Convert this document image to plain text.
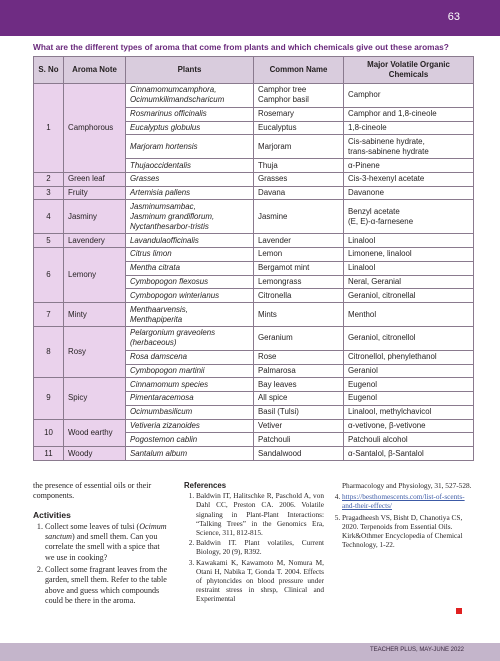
63
What are the different types of aroma that come from plants and which chemicals give out these aromas?
S. No	Aroma Note	Plants	Common Name	Major Volatile Organic Chemicals
1	Camphorous	Cinnamomumcamphora,
Ocimumkilimandscharicum	Camphor tree
Camphor basil	Camphor

		Rosmarinus officinalis	Rosemary	Camphor and 1,8-cineole

		Eucalyptus globulus	Eucalyptus	1,8-cineole

		Marjoram hortensis	Marjoram	Cis-sabinene hydrate,
trans-sabinene hydrate

		Thujaoccidentalis	Thuja	α-Pinene

2	Green leaf	Grasses	Grasses	Cis-3-hexenyl acetate

3	Fruity	Artemisia pallens	Davana	Davanone

4	Jasminy	Jasminumsambac,
Jasminum grandiflorum,
Nyctanthesarbor-tristis	Jasmine	Benzyl acetate
(E, E)-α-farnesene

5	Lavendery	Lavandulaofficinalis	Lavender	Linalool

6	Lemony	Citrus limon	Lemon	Limonene, linalool

		Mentha citrata	Bergamot mint	Linalool

		Cymbopogon flexosus	Lemongrass	Neral, Geranial

		Cymbopogon winterianus	Citronella	Geraniol, citronellal

7	Minty	Menthaarvensis,
Menthapiperita	Mints	Menthol

8	Rosy	Pelargonium graveolens
(herbaceous)	Geranium	Geraniol, citronellol

		Rosa damscena	Rose	Citronellol, phenylethanol

		Cymbopogon martinii	Palmarosa	Geraniol

9	Spicy	Cinnamomum species	Bay leaves	Eugenol

		Pimentaracemosa	All spice	Eugenol

		Ocimumbasilicum	Basil (Tulsi)	Linalool, methylchavicol

10	Wood earthy	Vetiveria zizanoides	Vetiver	α-vetivone, β-vetivone

		Pogostemon cablin	Patchouli	Patchouli alcohol

11	Woody	Santalum album	Sandalwood	α-Santalol, β-Santalol

the presence of essential oils or their components.

Activities
1. Collect some leaves of tulsi (Ocimum sanctum) and smell them. Can you correlate the smell with a spice that we use in cooking?
2. Collect some fragrant leaves from the garden, smell them. Refer to the table above and guess which compounds could be there in the aroma.
References
1. Baldwin IT, Halitschke R, Paschold A, von Dahl CC, Preston CA. 2006. Volatile signaling in Plant-Plant Interactions: “Talking Trees” in the Genomics Era, Science, 311, 812-815.
2. Baldwin IT. Plant volatiles, Current Biology, 20 (9), R392.
3. Kawakami K, Kawamoto M, Nomura M, Otani H, Nabika T, Gonda T. 2004. Effects of phytoncides on blood pressure under restraint stress in shrsp, Clinical and Experimental
Pharmacology and Physiology, 31, 527-528.
4. https://besthomescents.com/list-of-scents-and-their-effects/
5. Pragadheesh VS, Bisht D, Chanotiya CS, 2020. Terpenoids from Essential Oils. Kirk&Othmer Encyclopedia of Chemical Technology, 1-22.
TEACHER PLUS, MAY-JUNE 2022
